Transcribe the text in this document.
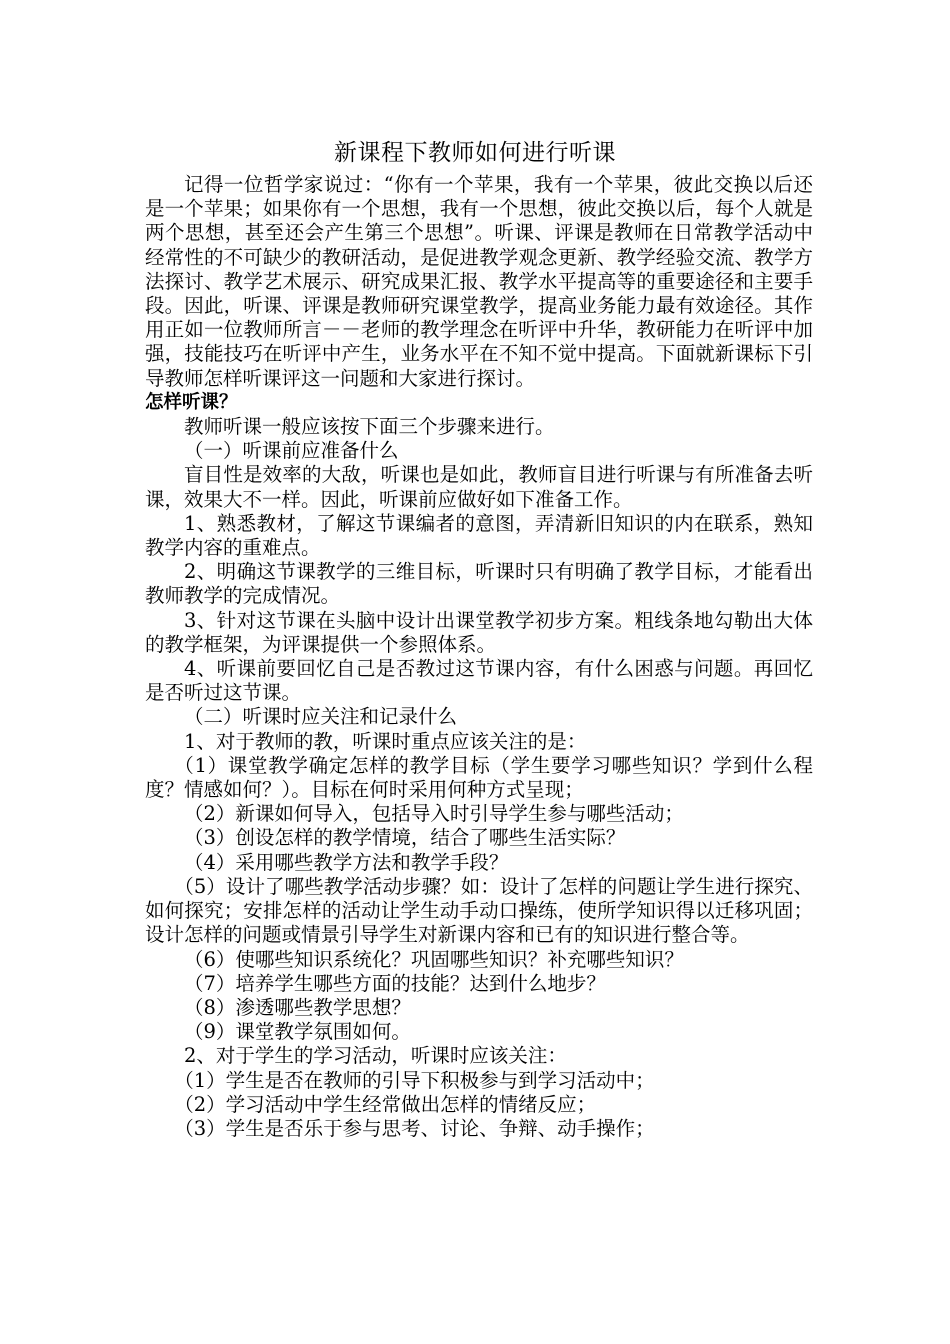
新课程下教师如何进行听课

记得一位哲学家说过：“你有一个苹果，我有一个苹果，彼此交换以后还是一个苹果；如果你有一个思想，我有一个思想，彼此交换以后，每个人就是两个思想，甚至还会产生第三个思想”。听课、评课是教师在日常教学活动中经常性的不可缺少的教研活动，是促进教学观念更新、教学经验交流、教学方法探讨、教学艺术展示、研究成果汇报、教学水平提高等的重要途径和主要手段。因此，听课、评课是教师研究课堂教学，提高业务能力最有效途径。其作用正如一位教师所言－－老师的教学理念在听评中升华，教研能力在听评中加强，技能技巧在听评中产生，业务水平在不知不觉中提高。下面就新课标下引导教师怎样听课评这一问题和大家进行探讨。

怎样听课？

教师听课一般应该按下面三个步骤来进行。

（一）听课前应准备什么

盲目性是效率的大敌，听课也是如此，教师盲目进行听课与有所准备去听课，效果大不一样。因此，听课前应做好如下准备工作。

1、熟悉教材，了解这节课编者的意图，弄清新旧知识的内在联系，熟知教学内容的重难点。

2、明确这节课教学的三维目标，听课时只有明确了教学目标，才能看出教师教学的完成情况。

3、针对这节课在头脑中设计出课堂教学初步方案。粗线条地勾勒出大体的教学框架，为评课提供一个参照体系。

4、听课前要回忆自己是否教过这节课内容，有什么困惑与问题。再回忆是否听过这节课。

（二）听课时应关注和记录什么

1、对于教师的教，听课时重点应该关注的是：

（1）课堂教学确定怎样的教学目标（学生要学习哪些知识？学到什么程度？情感如何？）。目标在何时采用何种方式呈现；

（2）新课如何导入，包括导入时引导学生参与哪些活动；

（3）创设怎样的教学情境，结合了哪些生活实际？

（4）采用哪些教学方法和教学手段？

（5）设计了哪些教学活动步骤？如：设计了怎样的问题让学生进行探究、如何探究；安排怎样的活动让学生动手动口操练，使所学知识得以迁移巩固；设计怎样的问题或情景引导学生对新课内容和已有的知识进行整合等。

（6）使哪些知识系统化？巩固哪些知识？补充哪些知识？

（7）培养学生哪些方面的技能？达到什么地步？

（8）渗透哪些教学思想？

（9）课堂教学氛围如何。

2、对于学生的学习活动，听课时应该关注：

（1）学生是否在教师的引导下积极参与到学习活动中；

（2）学习活动中学生经常做出怎样的情绪反应；

（3）学生是否乐于参与思考、讨论、争辩、动手操作；
